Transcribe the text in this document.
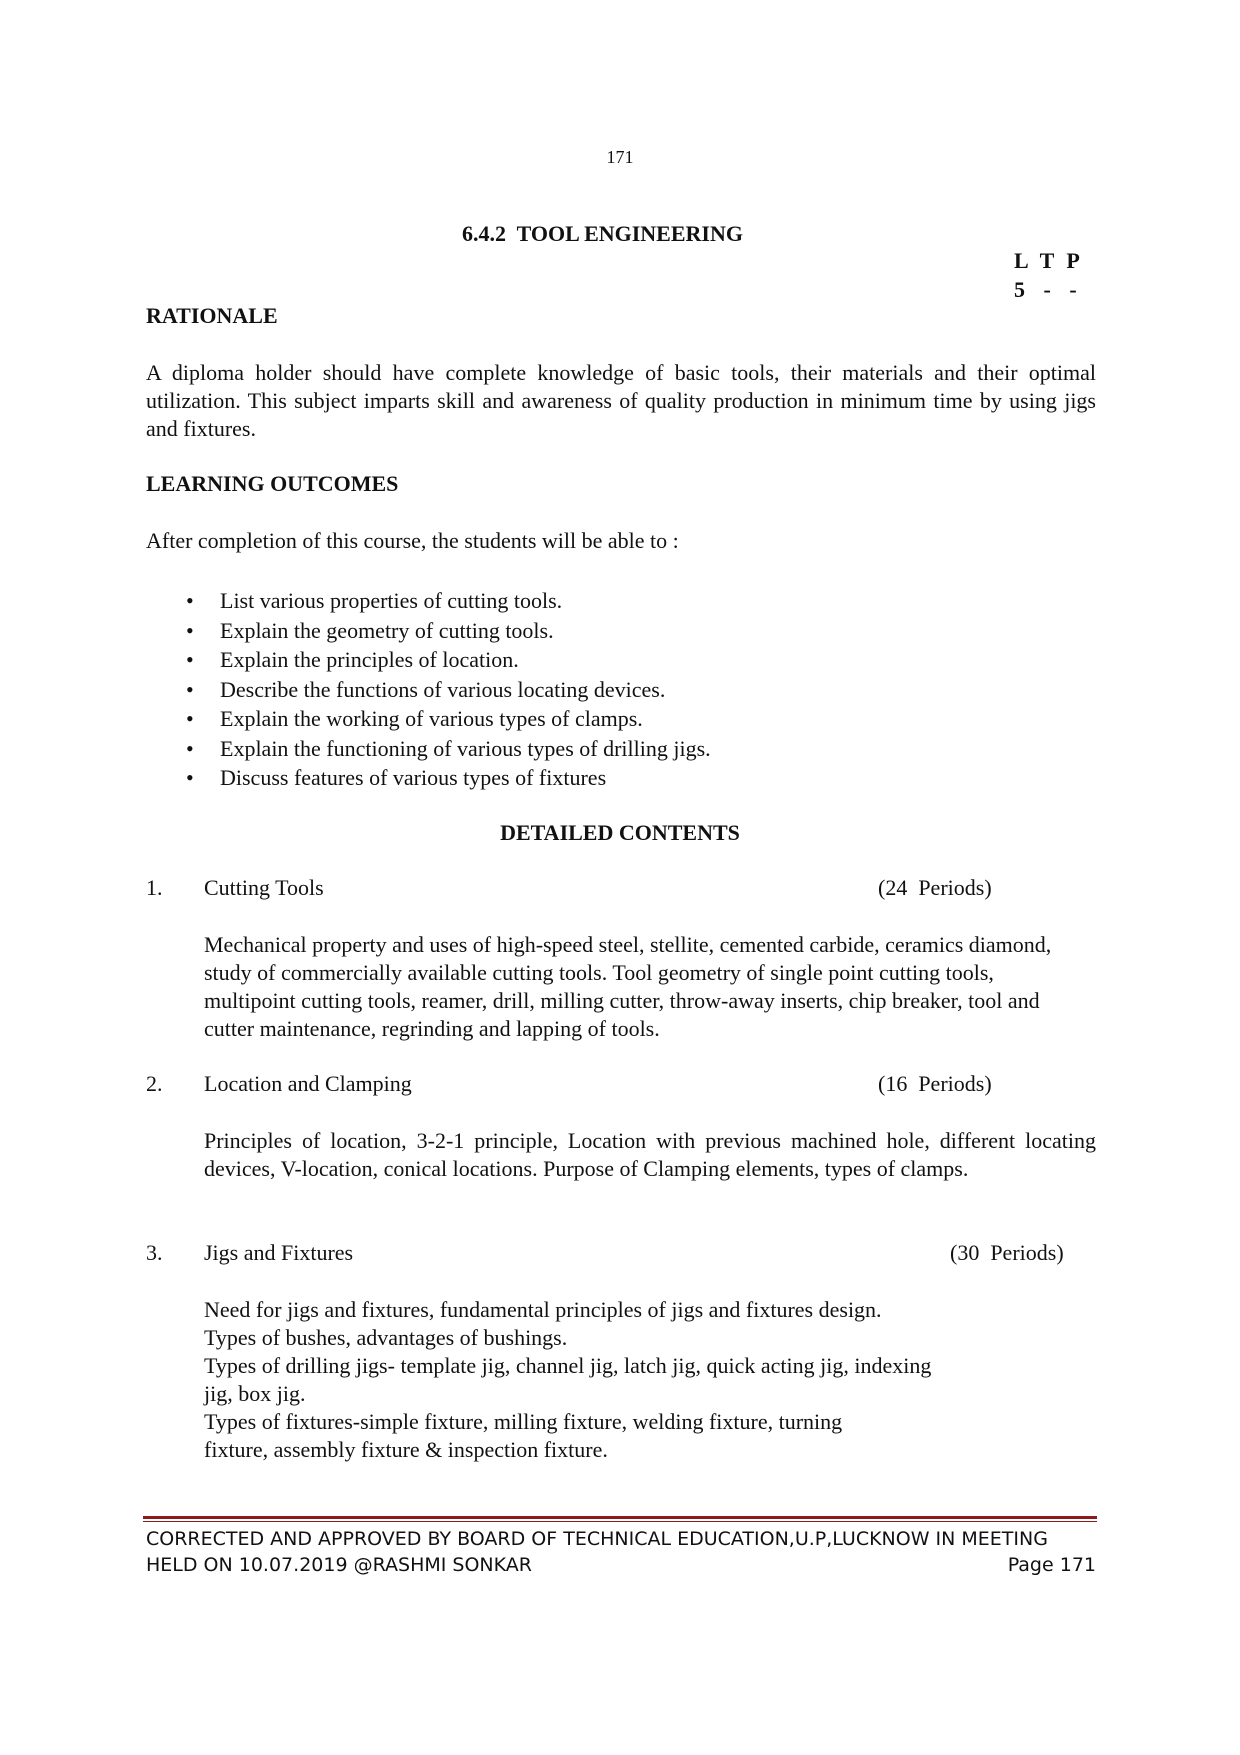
171
6.4.2  TOOL ENGINEERING
L  T  P
5   -   -
RATIONALE
A diploma holder should have complete knowledge of basic tools, their materials and their optimal utilization. This subject imparts skill and awareness of quality production in minimum time by using jigs and fixtures.
LEARNING OUTCOMES
After completion of this course, the students will be able to :
• List various properties of cutting tools.
• Explain the geometry of cutting tools.
• Explain the principles of location.
• Describe the functions of various locating devices.
• Explain the working of various types of clamps.
• Explain the functioning of various types of drilling jigs.
• Discuss features of various types of fixtures
DETAILED CONTENTS
1. Cutting Tools	(24  Periods)
Mechanical property and uses of high-speed steel, stellite, cemented carbide, ceramics diamond, study of commercially available cutting tools. Tool geometry of single point cutting tools, multipoint cutting tools, reamer, drill, milling cutter, throw-away inserts, chip breaker, tool and cutter maintenance, regrinding and lapping of tools.
2. Location and Clamping	(16  Periods)
Principles of location, 3-2-1 principle, Location with previous machined hole, different locating devices, V-location, conical locations. Purpose of Clamping elements, types of clamps.
3. Jigs and Fixtures	(30  Periods)
Need for jigs and fixtures, fundamental principles of jigs and fixtures design.
Types of bushes, advantages of bushings.
Types of drilling jigs- template jig, channel jig, latch jig, quick acting jig, indexing
jig, box jig.
Types of fixtures-simple fixture, milling fixture, welding fixture, turning
fixture, assembly fixture & inspection fixture.
CORRECTED AND APPROVED BY BOARD OF TECHNICAL EDUCATION,U.P,LUCKNOW IN MEETING
HELD ON 10.07.2019 @RASHMI SONKAR	Page 171
